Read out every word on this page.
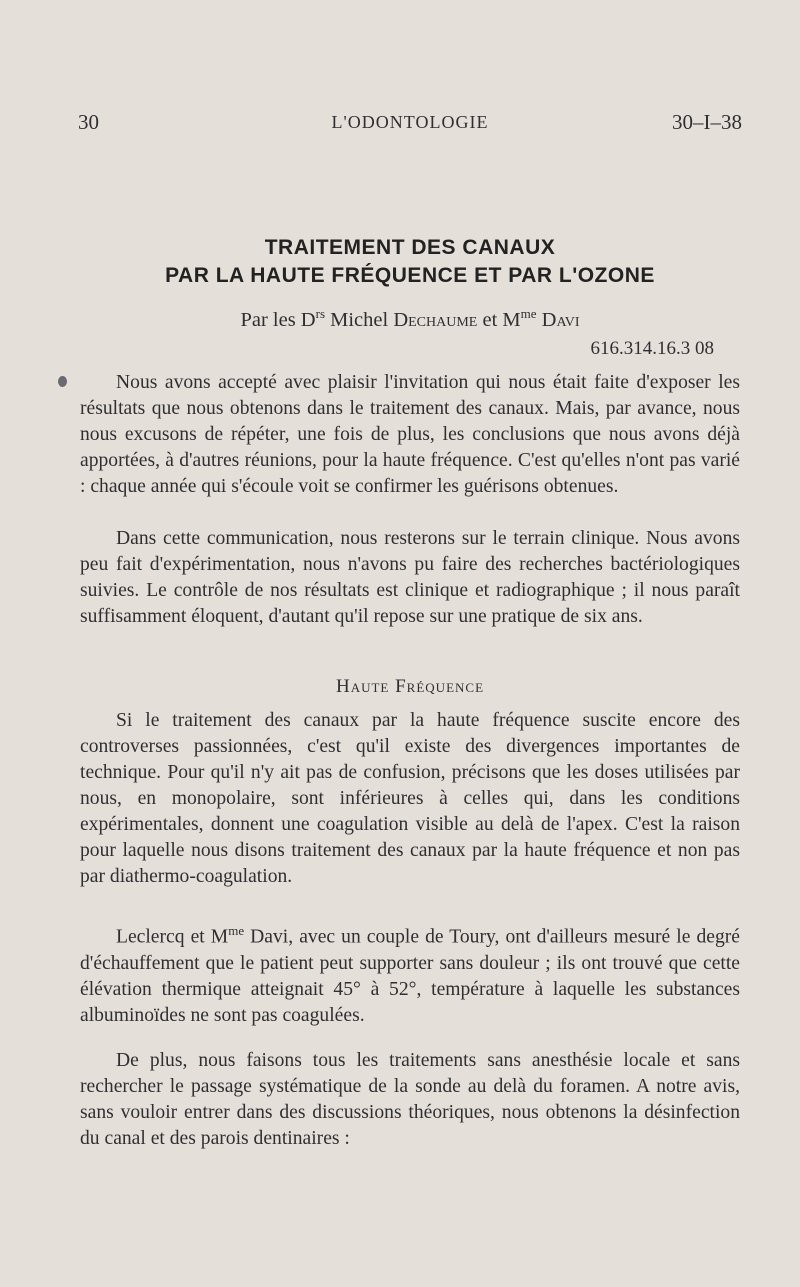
30	L'ODONTOLOGIE	30–I–38
TRAITEMENT DES CANAUX
PAR LA HAUTE FRÉQUENCE ET PAR L'OZONE
Par les $D^{rs}$ Michel Dechaume et $M^{me}$ Davi
616.314.16.3 08

Nous avons accepté avec plaisir l'invitation qui nous était faite d'exposer les résultats que nous obtenons dans le traitement des canaux. Mais, par avance, nous nous excusons de répéter, une fois de plus, les conclusions que nous avons déjà apportées, à d'autres réunions, pour la haute fréquence. C'est qu'elles n'ont pas varié : chaque année qui s'écoule voit se confirmer les guérisons obtenues.

Dans cette communication, nous resterons sur le terrain clinique. Nous avons peu fait d'expérimentation, nous n'avons pu faire des recherches bactériologiques suivies. Le contrôle de nos résultats est clinique et radiographique ; il nous paraît suffisamment éloquent, d'autant qu'il repose sur une pratique de six ans.

Haute Fréquence

Si le traitement des canaux par la haute fréquence suscite encore des controverses passionnées, c'est qu'il existe des divergences importantes de technique. Pour qu'il n'y ait pas de confusion, précisons que les doses utilisées par nous, en monopolaire, sont inférieures à celles qui, dans les conditions expérimentales, donnent une coagulation visible au delà de l'apex. C'est la raison pour laquelle nous disons traitement des canaux par la haute fréquence et non pas par diathermo-coagulation.

Leclercq et $M^{me}$ Davi, avec un couple de Toury, ont d'ailleurs mesuré le degré d'échauffement que le patient peut supporter sans douleur ; ils ont trouvé que cette élévation thermique atteignait 45° à 52°, température à laquelle les substances albuminoïdes ne sont pas coagulées.

De plus, nous faisons tous les traitements sans anesthésie locale et sans rechercher le passage systématique de la sonde au delà du foramen. A notre avis, sans vouloir entrer dans des discussions théoriques, nous obtenons la désinfection du canal et des parois dentinaires :
